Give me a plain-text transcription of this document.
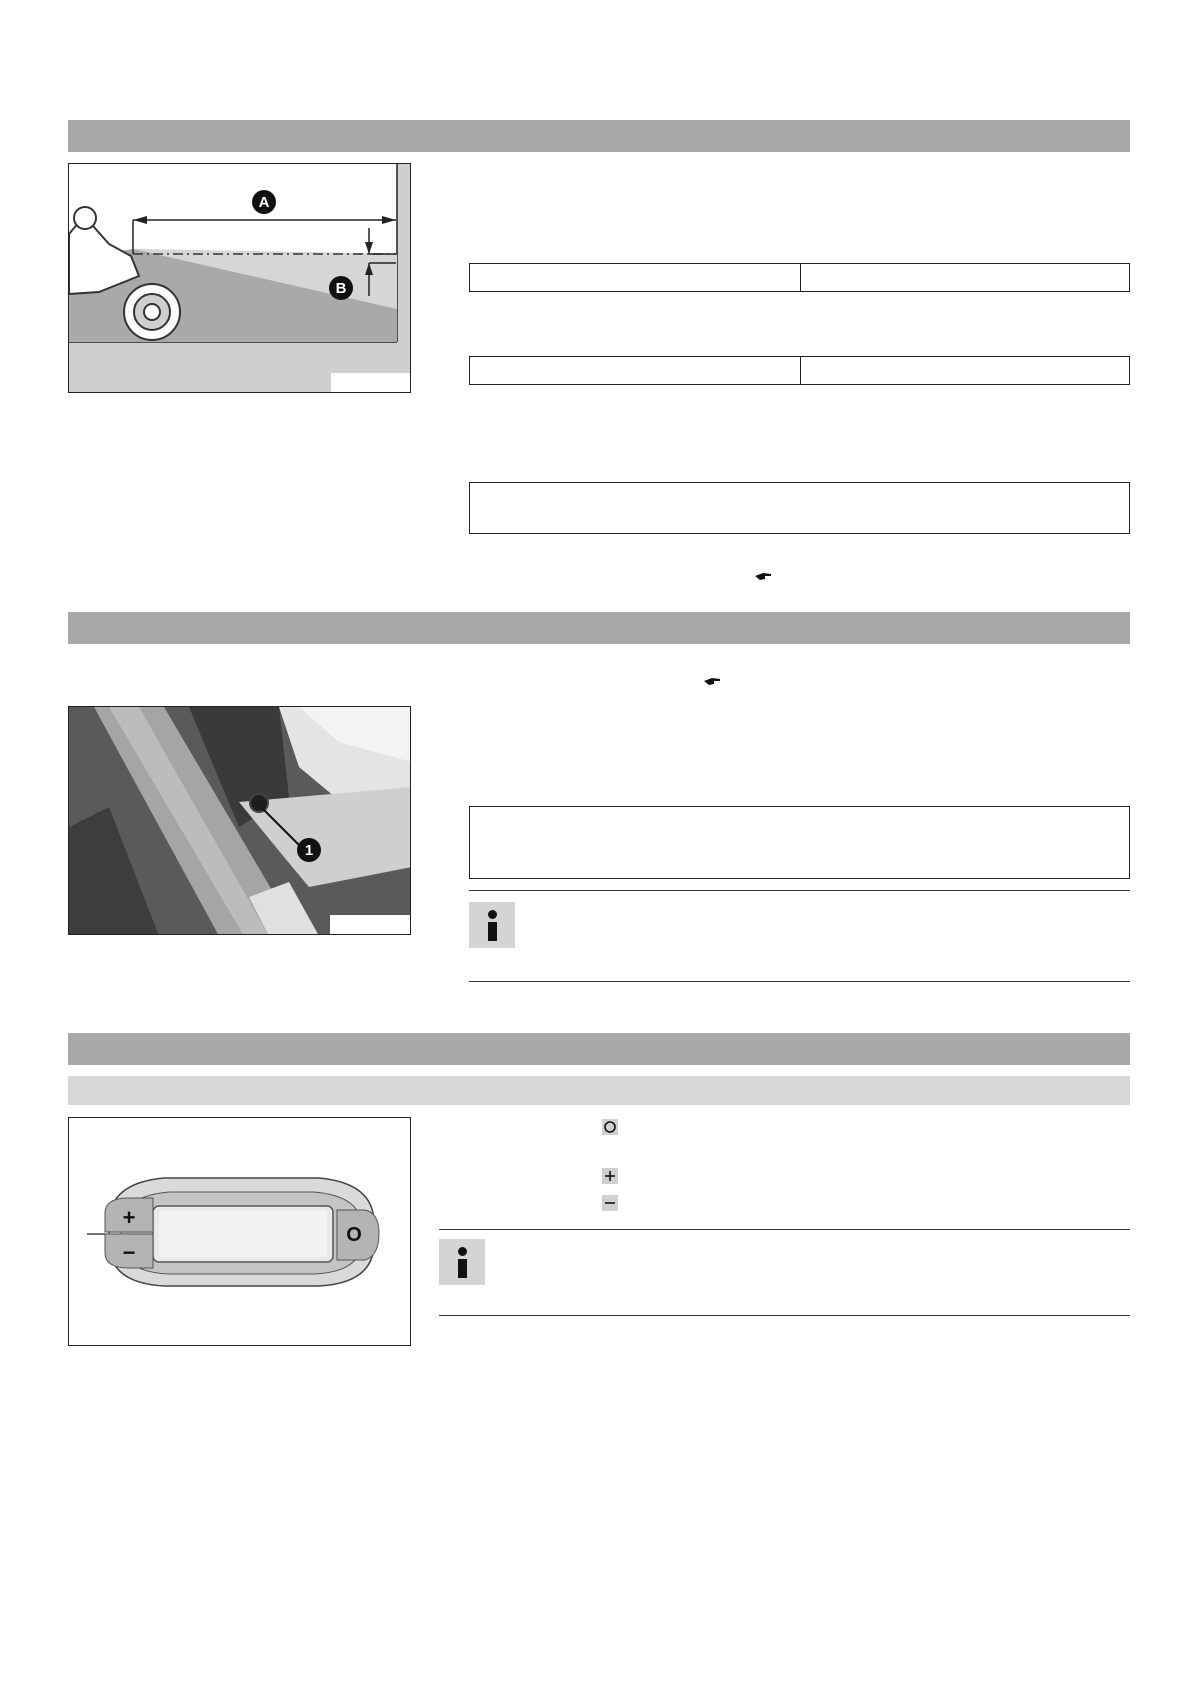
A
B
1
+
−
O
